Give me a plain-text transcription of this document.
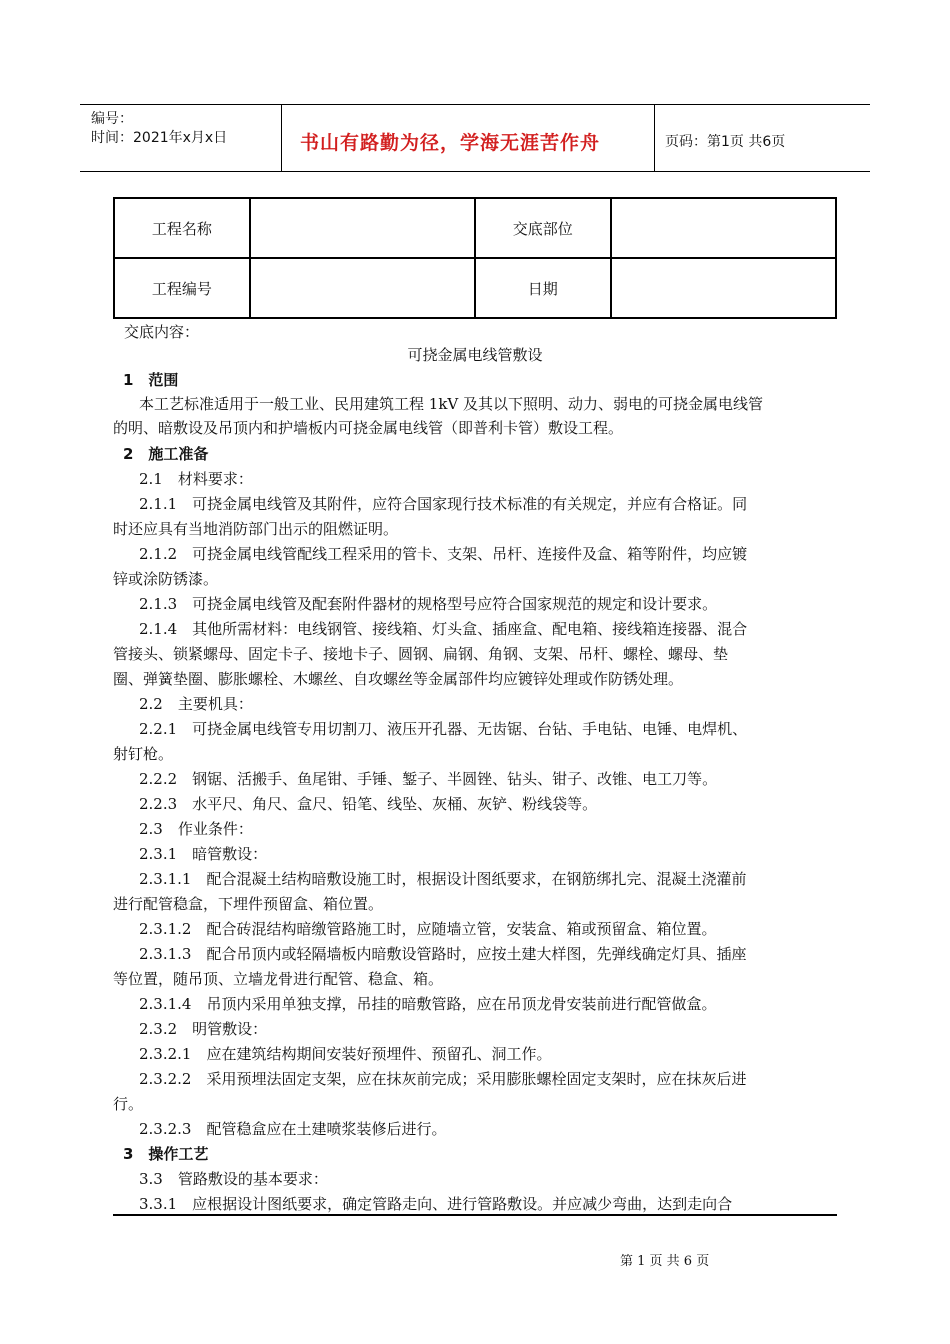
编号：
时间：2021年x月x日	书山有路勤为径，学海无涯苦作舟	页码：第1页 共6页
工程名称		交底部位	
工程编号		日期	
交底内容：
可挠金属电线管敷设
1　范围
本工艺标准适用于一般工业、民用建筑工程 1kV 及其以下照明、动力、弱电的可挠金属电线管
的明、暗敷设及吊顶内和护墙板内可挠金属电线管（即普利卡管）敷设工程。
2　施工准备
2.1　材料要求：
2.1.1　可挠金属电线管及其附件，应符合国家现行技术标准的有关规定，并应有合格证。同
时还应具有当地消防部门出示的阻燃证明。
2.1.2　可挠金属电线管配线工程采用的管卡、支架、吊杆、连接件及盒、箱等附件，均应镀
锌或涂防锈漆。
2.1.3　可挠金属电线管及配套附件器材的规格型号应符合国家规范的规定和设计要求。
2.1.4　其他所需材料：电线钢管、接线箱、灯头盒、插座盒、配电箱、接线箱连接器、混合
管接头、锁紧螺母、固定卡子、接地卡子、圆钢、扁钢、角钢、支架、吊杆、螺栓、螺母、垫
圈、弹簧垫圈、膨胀螺栓、木螺丝、自攻螺丝等金属部件均应镀锌处理或作防锈处理。
2.2　主要机具：
2.2.1　可挠金属电线管专用切割刀、液压开孔器、无齿锯、台钻、手电钻、电锤、电焊机、
射钉枪。
2.2.2　钢锯、活搬手、鱼尾钳、手锤、錾子、半圆锉、钻头、钳子、改锥、电工刀等。
2.2.3　水平尺、角尺、盒尺、铅笔、线坠、灰桶、灰铲、粉线袋等。
2.3　作业条件：
2.3.1　暗管敷设：
2.3.1.1　配合混凝土结构暗敷设施工时，根据设计图纸要求，在钢筋绑扎完、混凝土浇灌前
进行配管稳盒，下埋件预留盒、箱位置。
2.3.1.2　配合砖混结构暗缴管路施工时，应随墙立管，安装盒、箱或预留盒、箱位置。
2.3.1.3　配合吊顶内或轻隔墙板内暗敷设管路时，应按土建大样图，先弹线确定灯具、插座
等位置，随吊顶、立墙龙骨进行配管、稳盒、箱。
2.3.1.4　吊顶内采用单独支撑，吊挂的暗敷管路，应在吊顶龙骨安装前进行配管做盒。
2.3.2　明管敷设：
2.3.2.1　应在建筑结构期间安装好预埋件、预留孔、洞工作。
2.3.2.2　采用预埋法固定支架，应在抹灰前完成；采用膨胀螺栓固定支架时，应在抹灰后进
行。
2.3.2.3　配管稳盒应在土建喷浆装修后进行。
3　操作工艺
3.3　管路敷设的基本要求：
3.3.1　应根据设计图纸要求，确定管路走向、进行管路敷设。并应减少弯曲，达到走向合
第 1 页 共 6 页
